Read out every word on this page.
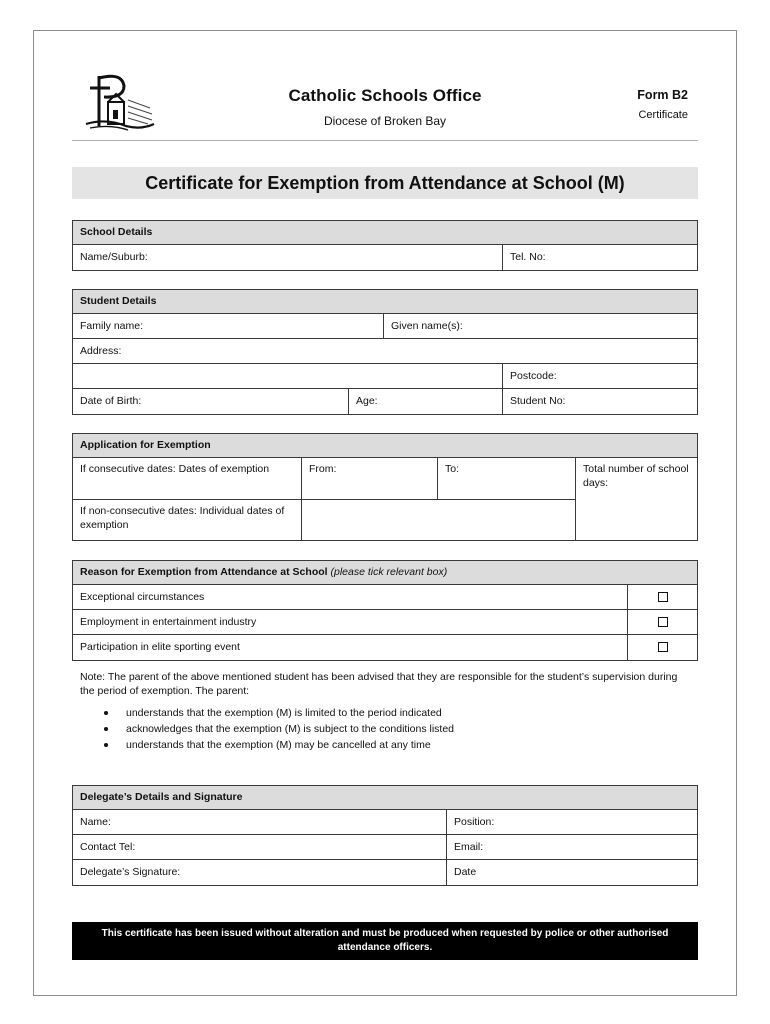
Catholic Schools Office
Diocese of Broken Bay
Form B2
Certificate
Certificate for Exemption from Attendance at School (M)
School Details
Name/Suburb:	Tel. No:
Student Details
Family name:	Given name(s):
Address:
Postcode:
Date of Birth:	Age:	Student No:
Application for Exemption
If consecutive dates: Dates of exemption	From:	To:	Total number of school days:
If non-consecutive dates: Individual dates of exemption
Reason for Exemption from Attendance at School (please tick relevant box)
Exceptional circumstances
Employment in entertainment industry
Participation in elite sporting event
Note: The parent of the above mentioned student has been advised that they are responsible for the student’s supervision during the period of exemption. The parent:
understands that the exemption (M) is limited to the period indicated
acknowledges that the exemption (M) is subject to the conditions listed
understands that the exemption (M) may be cancelled at any time
Delegate’s Details and Signature
Name:	Position:
Contact Tel:	Email:
Delegate’s Signature:	Date
This certificate has been issued without alteration and must be produced when requested by police or other authorised attendance officers.
